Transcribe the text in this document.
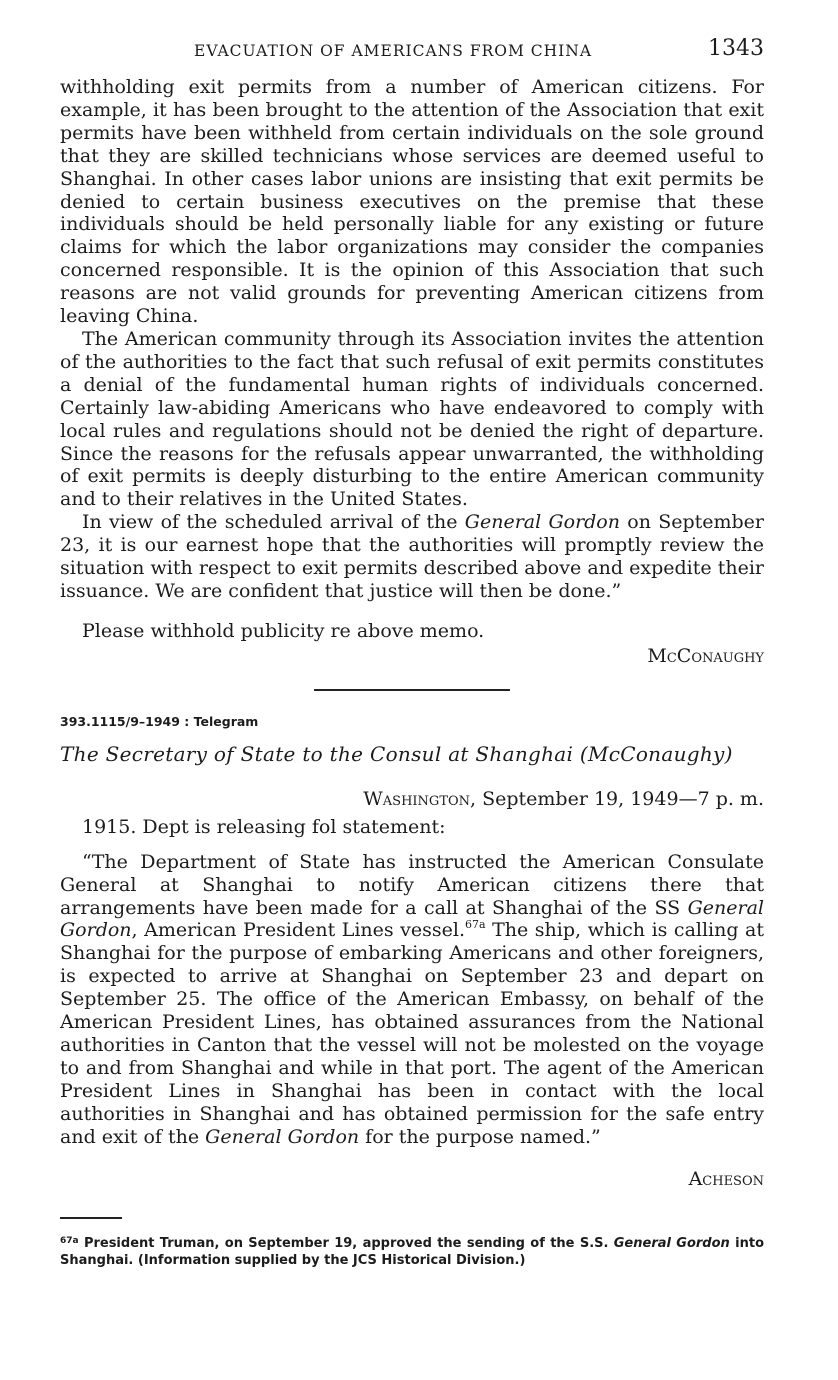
EVACUATION OF AMERICANS FROM CHINA	1343

withholding exit permits from a number of American citizens. For example, it has been brought to the attention of the Association that exit permits have been withheld from certain individuals on the sole ground that they are skilled technicians whose services are deemed useful to Shanghai. In other cases labor unions are insisting that exit permits be denied to certain business executives on the premise that these individuals should be held personally liable for any existing or future claims for which the labor organizations may consider the companies concerned responsible. It is the opinion of this Association that such reasons are not valid grounds for preventing American citizens from leaving China.

The American community through its Association invites the attention of the authorities to the fact that such refusal of exit permits constitutes a denial of the fundamental human rights of individuals concerned. Certainly law-abiding Americans who have endeavored to comply with local rules and regulations should not be denied the right of departure. Since the reasons for the refusals appear unwarranted, the withholding of exit permits is deeply disturbing to the entire American community and to their relatives in the United States.

In view of the scheduled arrival of the General Gordon on September 23, it is our earnest hope that the authorities will promptly review the situation with respect to exit permits described above and expedite their issuance. We are confident that justice will then be done.”

Please withhold publicity re above memo.

McConaughy
393.1115/9–1949 : Telegram
The Secretary of State to the Consul at Shanghai (McConaughy)
Washington, September 19, 1949—7 p. m.
1915. Dept is releasing fol statement:

“The Department of State has instructed the American Consulate General at Shanghai to notify American citizens there that arrangements have been made for a call at Shanghai of the SS General Gordon, American President Lines vessel.$^{67a}$ The ship, which is calling at Shanghai for the purpose of embarking Americans and other foreigners, is expected to arrive at Shanghai on September 23 and depart on September 25. The office of the American Embassy, on behalf of the American President Lines, has obtained assurances from the National authorities in Canton that the vessel will not be molested on the voyage to and from Shanghai and while in that port. The agent of the American President Lines in Shanghai has been in contact with the local authorities in Shanghai and has obtained permission for the safe entry and exit of the General Gordon for the purpose named.”

Acheson
$^{67a}$ President Truman, on September 19, approved the sending of the S.S. General Gordon into Shanghai. (Information supplied by the JCS Historical Division.)
